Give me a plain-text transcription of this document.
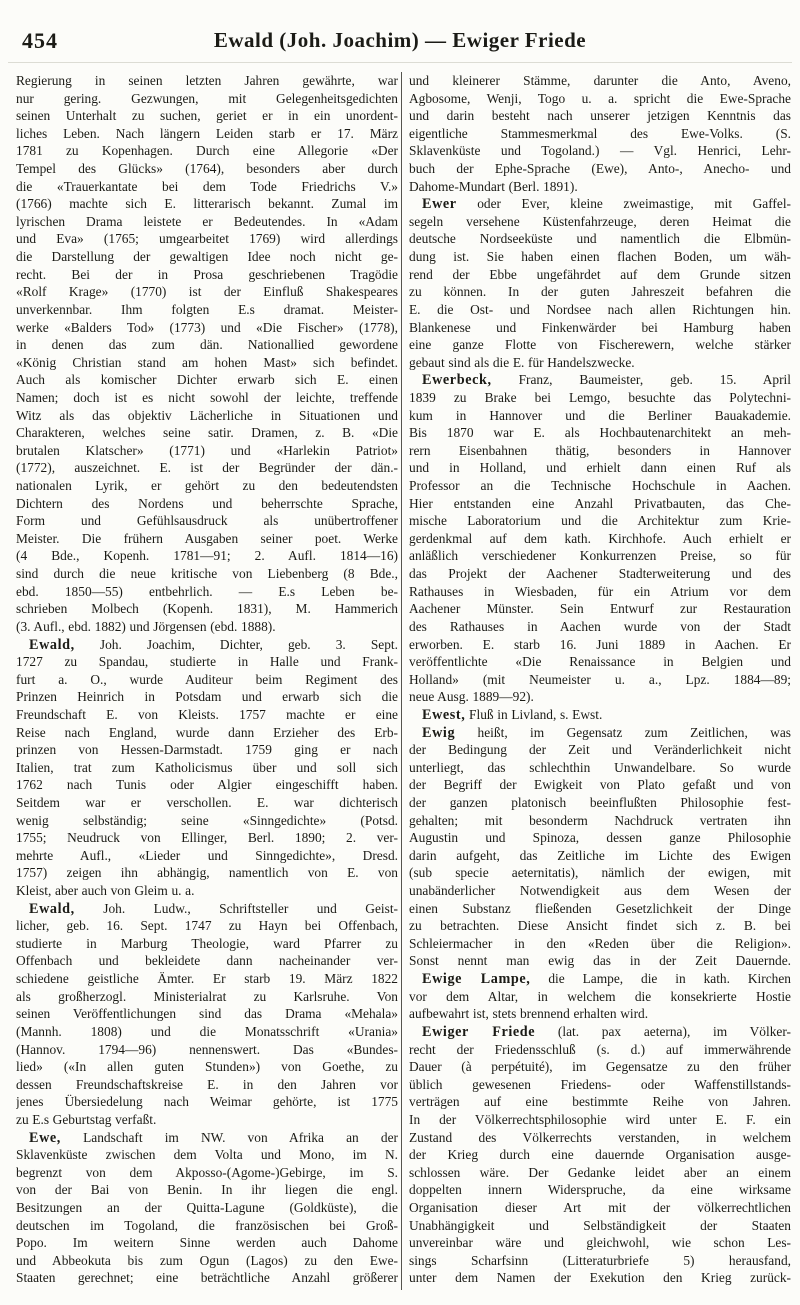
454	Ewald (Joh. Joachim) — Ewiger Friede
Regierung in seinen letzten Jahren gewährte, war
nur gering. Gezwungen, mit Gelegenheitsgedichten
seinen Unterhalt zu suchen, geriet er in ein unordent-
liches Leben. Nach längern Leiden starb er 17. März
1781 zu Kopenhagen. Durch eine Allegorie «Der
Tempel des Glücks» (1764), besonders aber durch
die «Trauerkantate bei dem Tode Friedrichs V.»
(1766) machte sich E. litterarisch bekannt. Zumal im
lyrischen Drama leistete er Bedeutendes. In «Adam
und Eva» (1765; umgearbeitet 1769) wird allerdings
die Darstellung der gewaltigen Idee noch nicht ge-
recht. Bei der in Prosa geschriebenen Tragödie
«Rolf Krage» (1770) ist der Einfluß Shakespeares
unverkennbar. Ihm folgten E.s dramat. Meister-
werke «Balders Tod» (1773) und «Die Fischer» (1778),
in denen das zum dän. Nationallied gewordene
«König Christian stand am hohen Mast» sich befindet.
Auch als komischer Dichter erwarb sich E. einen
Namen; doch ist es nicht sowohl der leichte, treffende
Witz als das objektiv Lächerliche in Situationen und
Charakteren, welches seine satir. Dramen, z. B. «Die
brutalen Klatscher» (1771) und «Harlekin Patriot»
(1772), auszeichnet. E. ist der Begründer der dän.-
nationalen Lyrik, er gehört zu den bedeutendsten
Dichtern des Nordens und beherrschte Sprache,
Form und Gefühlsausdruck als unübertroffener
Meister. Die frühern Ausgaben seiner poet. Werke
(4 Bde., Kopenh. 1781—91; 2. Aufl. 1814—16)
sind durch die neue kritische von Liebenberg (8 Bde.,
ebd. 1850—55) entbehrlich. — E.s Leben be-
schrieben Molbech (Kopenh. 1831), M. Hammerich
(3. Aufl., ebd. 1882) und Jörgensen (ebd. 1888).
Ewald, Joh. Joachim, Dichter, geb. 3. Sept.
1727 zu Spandau, studierte in Halle und Frank-
furt a. O., wurde Auditeur beim Regiment des
Prinzen Heinrich in Potsdam und erwarb sich die
Freundschaft E. von Kleists. 1757 machte er eine
Reise nach England, wurde dann Erzieher des Erb-
prinzen von Hessen-Darmstadt. 1759 ging er nach
Italien, trat zum Katholicismus über und soll sich
1762 nach Tunis oder Algier eingeschifft haben.
Seitdem war er verschollen. E. war dichterisch
wenig selbständig; seine «Sinngedichte» (Potsd.
1755; Neudruck von Ellinger, Berl. 1890; 2. ver-
mehrte Aufl., «Lieder und Sinngedichte», Dresd.
1757) zeigen ihn abhängig, namentlich von E. von
Kleist, aber auch von Gleim u. a.
Ewald, Joh. Ludw., Schriftsteller und Geist-
licher, geb. 16. Sept. 1747 zu Hayn bei Offenbach,
studierte in Marburg Theologie, ward Pfarrer zu
Offenbach und bekleidete dann nacheinander ver-
schiedene geistliche Ämter. Er starb 19. März 1822
als großherzogl. Ministerialrat zu Karlsruhe. Von
seinen Veröffentlichungen sind das Drama «Mehala»
(Mannh. 1808) und die Monatsschrift «Urania»
(Hannov. 1794—96) nennenswert. Das «Bundes-
lied» («In allen guten Stunden») von Goethe, zu
dessen Freundschaftskreise E. in den Jahren vor
jenes Übersiedelung nach Weimar gehörte, ist 1775
zu E.s Geburtstag verfaßt.
Ewe, Landschaft im NW. von Afrika an der
Sklavenküste zwischen dem Volta und Mono, im N.
begrenzt von dem Akposso-(Agome-)Gebirge, im S.
von der Bai von Benin. In ihr liegen die engl.
Besitzungen an der Quitta-Lagune (Goldküste), die
deutschen im Togoland, die französischen bei Groß-
Popo. Im weitern Sinne werden auch Dahome
und Abbeokuta bis zum Ogun (Lagos) zu den Ewe-
Staaten gerechnet; eine beträchtliche Anzahl größerer
und kleinerer Stämme, darunter die Anto, Aveno,
Agbosome, Wenji, Togo u. a. spricht die Ewe-Sprache
und darin besteht nach unserer jetzigen Kenntnis das
eigentliche Stammesmerkmal des Ewe-Volks. (S.
Sklavenküste und Togoland.) — Vgl. Henrici, Lehr-
buch der Ephe-Sprache (Ewe), Anto-, Anecho- und
Dahome-Mundart (Berl. 1891).
Ewer oder Ever, kleine zweimastige, mit Gaffel-
segeln versehene Küstenfahrzeuge, deren Heimat die
deutsche Nordseeküste und namentlich die Elbmün-
dung ist. Sie haben einen flachen Boden, um wäh-
rend der Ebbe ungefährdet auf dem Grunde sitzen
zu können. In der guten Jahreszeit befahren die
E. die Ost- und Nordsee nach allen Richtungen hin.
Blankenese und Finkenwärder bei Hamburg haben
eine ganze Flotte von Fischerewern, welche stärker
gebaut sind als die E. für Handelszwecke.
Ewerbeck, Franz, Baumeister, geb. 15. April
1839 zu Brake bei Lemgo, besuchte das Polytechni-
kum in Hannover und die Berliner Bauakademie.
Bis 1870 war E. als Hochbautenarchitekt an meh-
rern Eisenbahnen thätig, besonders in Hannover
und in Holland, und erhielt dann einen Ruf als
Professor an die Technische Hochschule in Aachen.
Hier entstanden eine Anzahl Privatbauten, das Che-
mische Laboratorium und die Architektur zum Krie-
gerdenkmal auf dem kath. Kirchhofe. Auch erhielt er
anläßlich verschiedener Konkurrenzen Preise, so für
das Projekt der Aachener Stadterweiterung und des
Rathauses in Wiesbaden, für ein Atrium vor dem
Aachener Münster. Sein Entwurf zur Restauration
des Rathauses in Aachen wurde von der Stadt
erworben. E. starb 16. Juni 1889 in Aachen. Er
veröffentlichte «Die Renaissance in Belgien und
Holland» (mit Neumeister u. a., Lpz. 1884—89;
neue Ausg. 1889—92).
Ewest, Fluß in Livland, s. Ewst.
Ewig heißt, im Gegensatz zum Zeitlichen, was
der Bedingung der Zeit und Veränderlichkeit nicht
unterliegt, das schlechthin Unwandelbare. So wurde
der Begriff der Ewigkeit von Plato gefaßt und von
der ganzen platonisch beeinflußten Philosophie fest-
gehalten; mit besonderm Nachdruck vertraten ihn
Augustin und Spinoza, dessen ganze Philosophie
darin aufgeht, das Zeitliche im Lichte des Ewigen
(sub specie aeternitatis), nämlich der ewigen, mit
unabänderlicher Notwendigkeit aus dem Wesen der
einen Substanz fließenden Gesetzlichkeit der Dinge
zu betrachten. Diese Ansicht findet sich z. B. bei
Schleiermacher in den «Reden über die Religion».
Sonst nennt man ewig das in der Zeit Dauernde.
Ewige Lampe, die Lampe, die in kath. Kirchen
vor dem Altar, in welchem die konsekrierte Hostie
aufbewahrt ist, stets brennend erhalten wird.
Ewiger Friede (lat. pax aeterna), im Völker-
recht der Friedensschluß (s. d.) auf immerwährende
Dauer (à perpétuité), im Gegensatze zu den früher
üblich gewesenen Friedens- oder Waffenstillstands-
verträgen auf eine bestimmte Reihe von Jahren.
In der Völkerrechtsphilosophie wird unter E. F. ein
Zustand des Völkerrechts verstanden, in welchem
der Krieg durch eine dauernde Organisation ausge-
schlossen wäre. Der Gedanke leidet aber an einem
doppelten innern Widerspruche, da eine wirksame
Organisation dieser Art mit der völkerrechtlichen
Unabhängigkeit und Selbständigkeit der Staaten
unvereinbar wäre und gleichwohl, wie schon Les-
sings Scharfsinn (Litteraturbriefe 5) herausfand,
unter dem Namen der Exekution den Krieg zurück-
